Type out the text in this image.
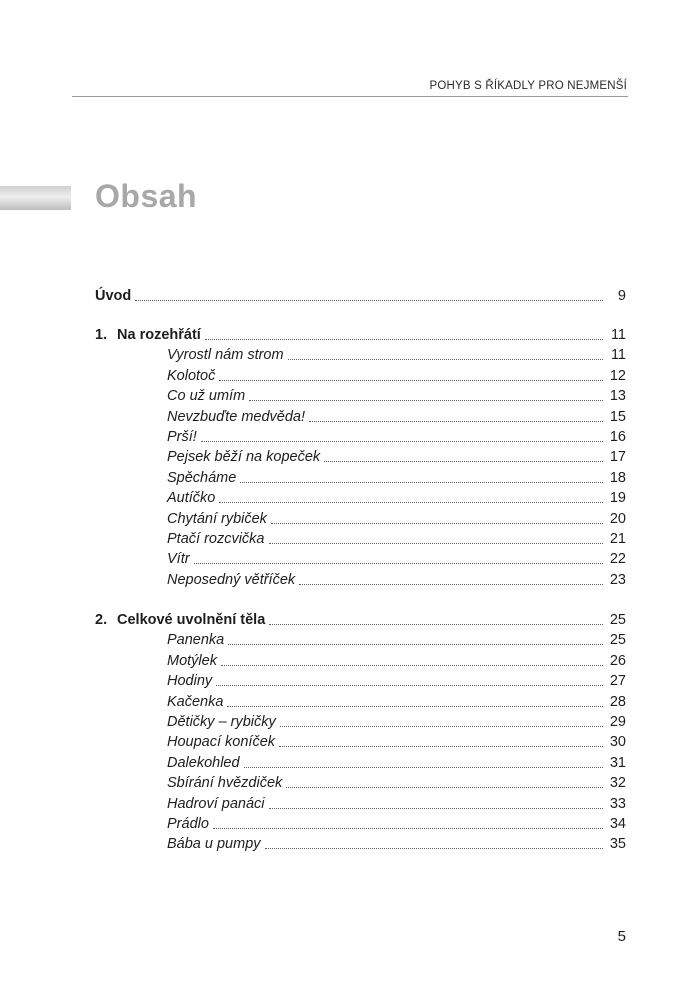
POHYB S ŘÍKADLY PRO NEJMENŠÍ
Obsah
Úvod	9
1. Na rozehřátí	11
Vyrostl nám strom	11
Kolotoč	12
Co už umím	13
Nevzbuďte medvěda!	15
Prší!	16
Pejsek běží na kopeček	17
Spěcháme	18
Autíčko	19
Chytání rybiček	20
Ptačí rozcvička	21
Vítr	22
Neposedný větříček	23
2. Celkové uvolnění těla	25
Panenka	25
Motýlek	26
Hodiny	27
Kačenka	28
Dětičky – rybičky	29
Houpací koníček	30
Dalekohled	31
Sbírání hvězdiček	32
Hadroví panáci	33
Prádlo	34
Bába u pumpy	35
5
